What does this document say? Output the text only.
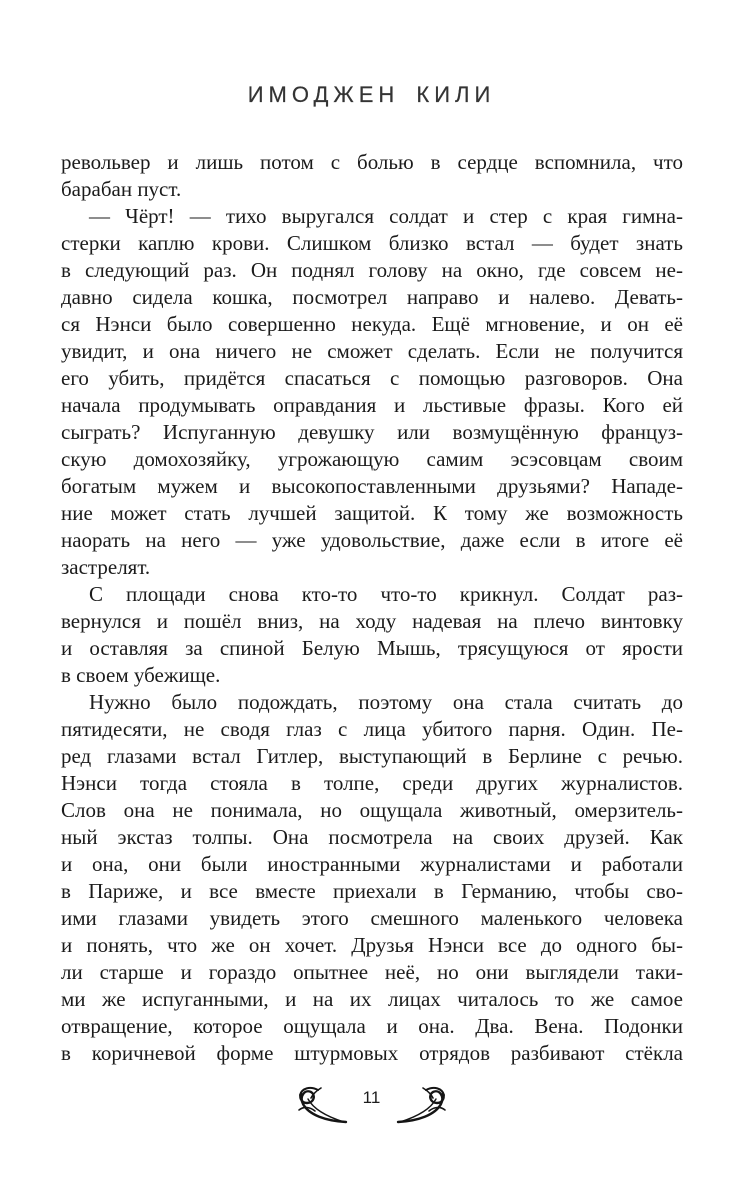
ИМОДЖЕН КИЛИ
револьвер и лишь потом с болью в сердце вспомнила, что
барабан пуст.
— Чёрт! — тихо выругался солдат и стер с края гимна-
стерки каплю крови. Слишком близко встал — будет знать
в следующий раз. Он поднял голову на окно, где совсем не-
давно сидела кошка, посмотрел направо и налево. Девать-
ся Нэнси было совершенно некуда. Ещё мгновение, и он её
увидит, и она ничего не сможет сделать. Если не получится
его убить, придётся спасаться с помощью разговоров. Она
начала продумывать оправдания и льстивые фразы. Кого ей
сыграть? Испуганную девушку или возмущённую француз-
скую домохозяйку, угрожающую самим эсэсовцам своим
богатым мужем и высокопоставленными друзьями? Нападе-
ние может стать лучшей защитой. К тому же возможность
наорать на него — уже удовольствие, даже если в итоге её
застрелят.
С площади снова кто-то что-то крикнул. Солдат раз-
вернулся и пошёл вниз, на ходу надевая на плечо винтовку
и оставляя за спиной Белую Мышь, трясущуюся от ярости
в своем убежище.
Нужно было подождать, поэтому она стала считать до
пятидесяти, не сводя глаз с лица убитого парня. Один. Пе-
ред глазами встал Гитлер, выступающий в Берлине с речью.
Нэнси тогда стояла в толпе, среди других журналистов.
Слов она не понимала, но ощущала животный, омерзитель-
ный экстаз толпы. Она посмотрела на своих друзей. Как
и она, они были иностранными журналистами и работали
в Париже, и все вместе приехали в Германию, чтобы сво-
ими глазами увидеть этого смешного маленького человека
и понять, что же он хочет. Друзья Нэнси все до одного бы-
ли старше и гораздо опытнее неё, но они выглядели таки-
ми же испуганными, и на их лицах читалось то же самое
отвращение, которое ощущала и она. Два. Вена. Подонки
в коричневой форме штурмовых отрядов разбивают стёкла
11
